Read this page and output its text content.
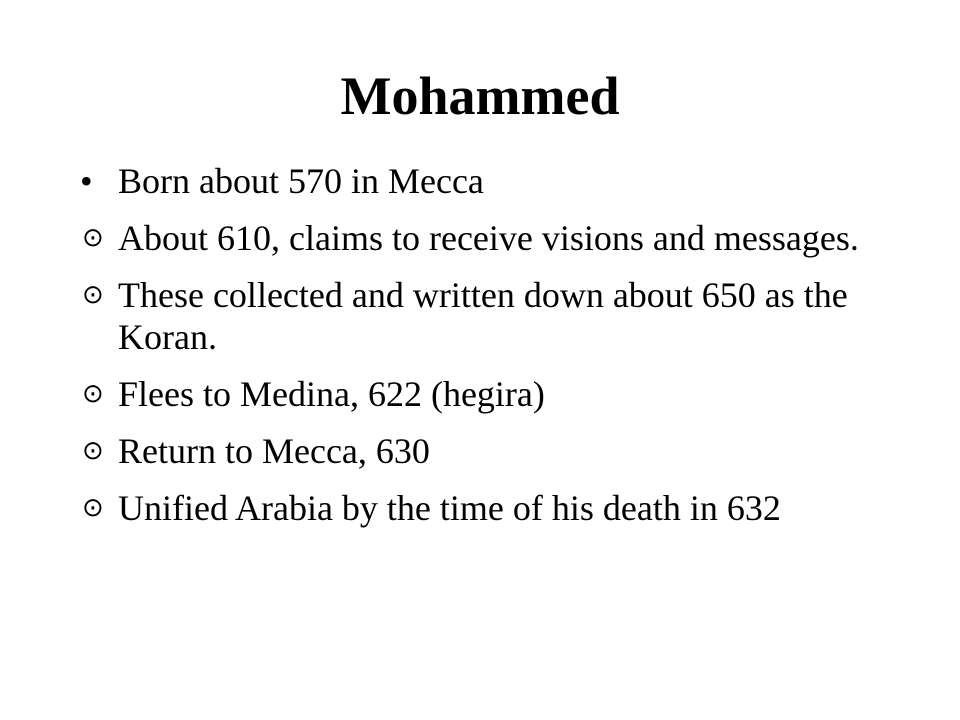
Mohammed
• Born about 570 in Mecca
⊙ About 610, claims to receive visions and messages.
⊙ These collected and written down about 650 as the Koran.
⊙ Flees to Medina, 622 (hegira)
⊙ Return to Mecca, 630
⊙ Unified Arabia by the time of his death in 632
